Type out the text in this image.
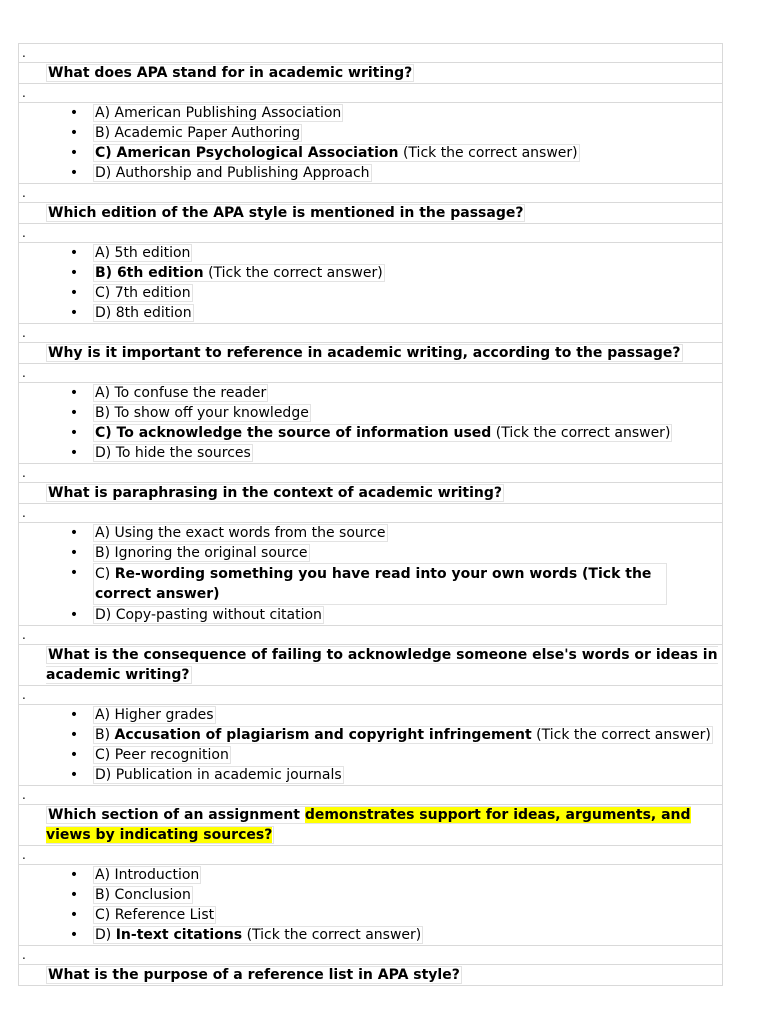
.
What does APA stand for in academic writing?
.
• A) American Publishing Association
• B) Academic Paper Authoring
• C) American Psychological Association (Tick the correct answer)
• D) Authorship and Publishing Approach
.
Which edition of the APA style is mentioned in the passage?
.
• A) 5th edition
• B) 6th edition (Tick the correct answer)
• C) 7th edition
• D) 8th edition
.
Why is it important to reference in academic writing, according to the passage?
.
• A) To confuse the reader
• B) To show off your knowledge
• C) To acknowledge the source of information used (Tick the correct answer)
• D) To hide the sources
.
What is paraphrasing in the context of academic writing?
.
• A) Using the exact words from the source
• B) Ignoring the original source
• C) Re-wording something you have read into your own words (Tick the correct answer)
• D) Copy-pasting without citation
.
What is the consequence of failing to acknowledge someone else's words or ideas in academic writing?
.
• A) Higher grades
• B) Accusation of plagiarism and copyright infringement (Tick the correct answer)
• C) Peer recognition
• D) Publication in academic journals
.
Which section of an assignment demonstrates support for ideas, arguments, and views by indicating sources?
.
• A) Introduction
• B) Conclusion
• C) Reference List
• D) In-text citations (Tick the correct answer)
.
What is the purpose of a reference list in APA style?
